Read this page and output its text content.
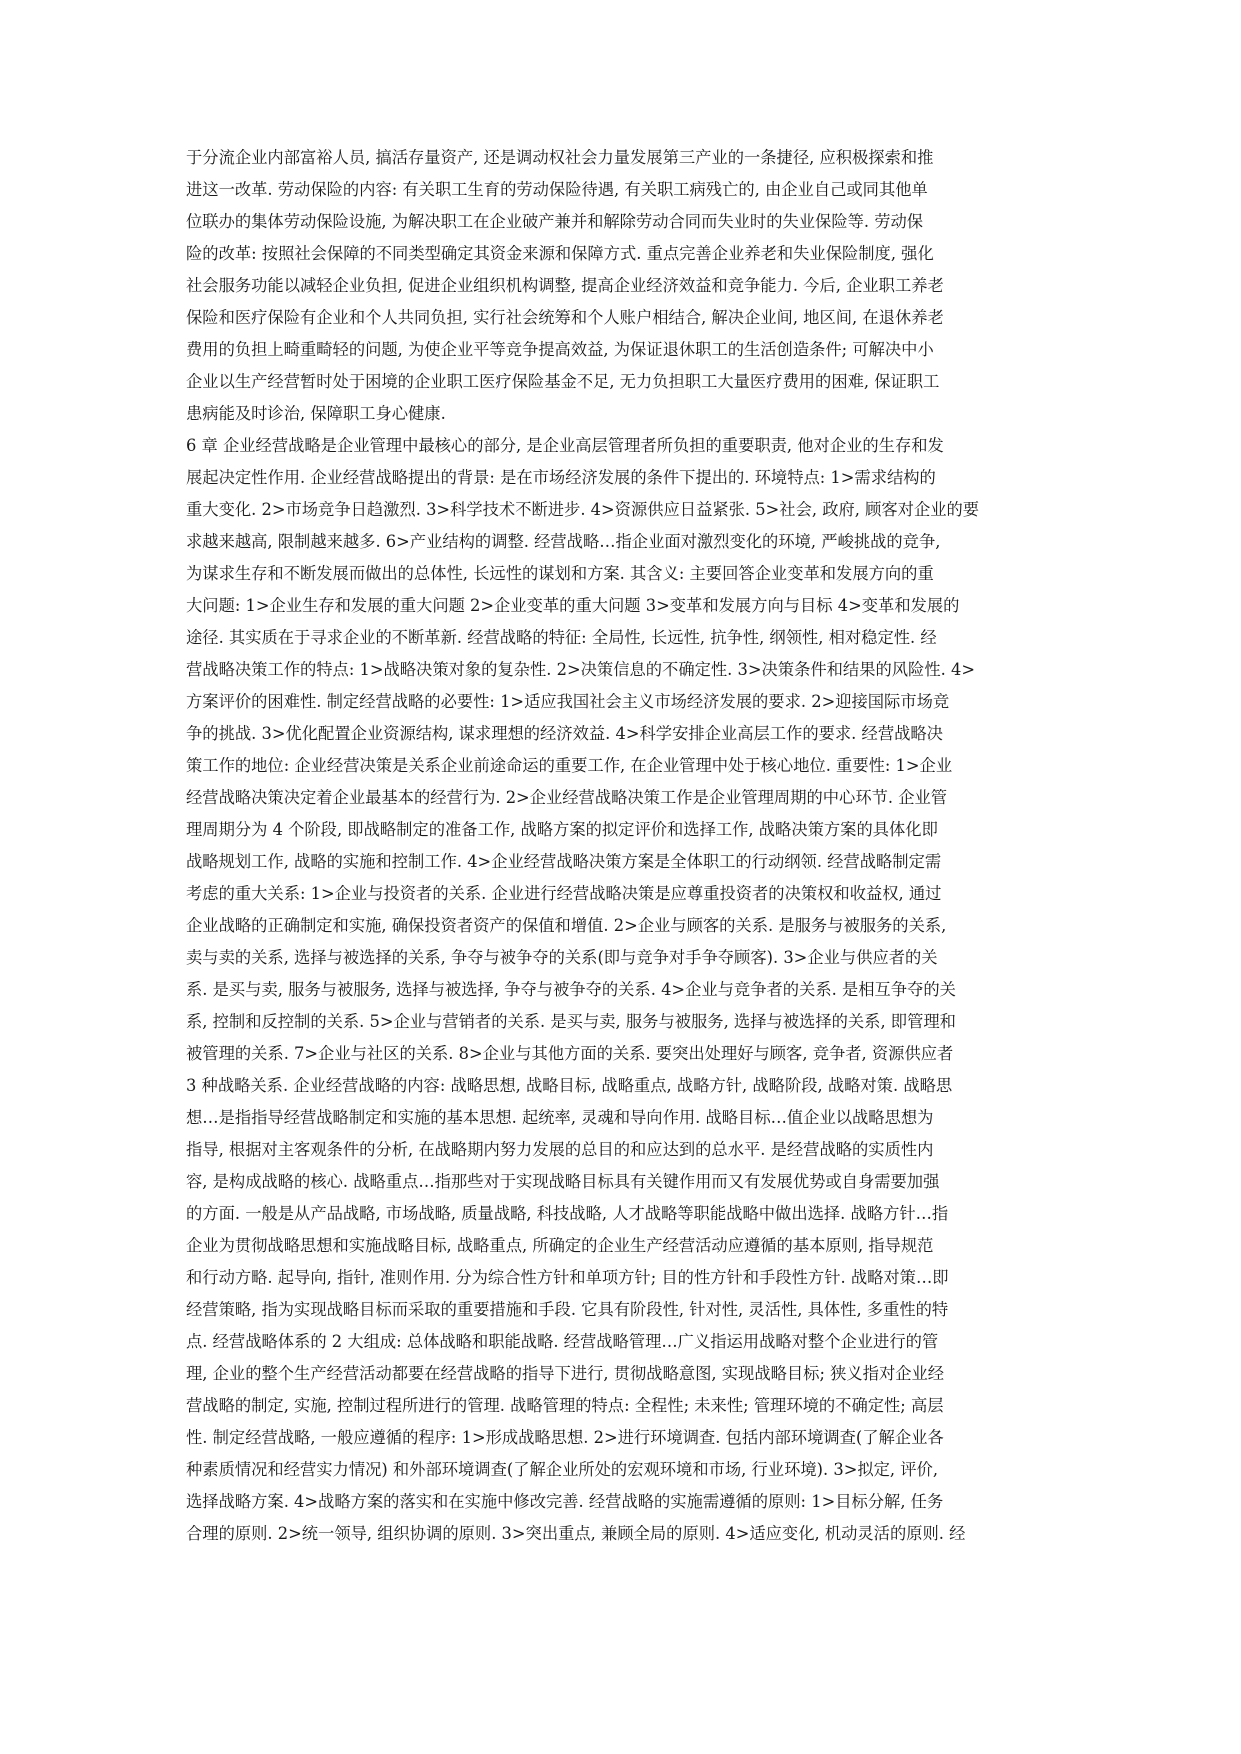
于分流企业内部富裕人员, 搞活存量资产, 还是调动权社会力量发展第三产业的一条捷径, 应积极探索和推
进这一改革. 劳动保险的内容: 有关职工生育的劳动保险待遇, 有关职工病残亡的, 由企业自己或同其他单
位联办的集体劳动保险设施, 为解决职工在企业破产兼并和解除劳动合同而失业时的失业保险等. 劳动保
险的改革: 按照社会保障的不同类型确定其资金来源和保障方式. 重点完善企业养老和失业保险制度, 强化
社会服务功能以减轻企业负担, 促进企业组织机构调整, 提高企业经济效益和竞争能力. 今后, 企业职工养老
保险和医疗保险有企业和个人共同负担, 实行社会统筹和个人账户相结合, 解决企业间, 地区间, 在退休养老
费用的负担上畸重畸轻的问题, 为使企业平等竞争提高效益, 为保证退休职工的生活创造条件; 可解决中小
企业以生产经营暂时处于困境的企业职工医疗保险基金不足, 无力负担职工大量医疗费用的困难, 保证职工
患病能及时诊治, 保障职工身心健康.
6 章 企业经营战略是企业管理中最核心的部分, 是企业高层管理者所负担的重要职责, 他对企业的生存和发
展起决定性作用. 企业经营战略提出的背景: 是在市场经济发展的条件下提出的. 环境特点: 1>需求结构的
重大变化. 2>市场竞争日趋激烈. 3>科学技术不断进步. 4>资源供应日益紧张. 5>社会, 政府, 顾客对企业的要
求越来越高, 限制越来越多. 6>产业结构的调整. 经营战略…指企业面对激烈变化的环境, 严峻挑战的竞争,
为谋求生存和不断发展而做出的总体性, 长远性的谋划和方案. 其含义: 主要回答企业变革和发展方向的重
大问题: 1>企业生存和发展的重大问题 2>企业变革的重大问题 3>变革和发展方向与目标 4>变革和发展的
途径. 其实质在于寻求企业的不断革新. 经营战略的特征: 全局性, 长远性, 抗争性, 纲领性, 相对稳定性. 经
营战略决策工作的特点: 1>战略决策对象的复杂性. 2>决策信息的不确定性. 3>决策条件和结果的风险性. 4>
方案评价的困难性. 制定经营战略的必要性: 1>适应我国社会主义市场经济发展的要求. 2>迎接国际市场竞
争的挑战. 3>优化配置企业资源结构, 谋求理想的经济效益. 4>科学安排企业高层工作的要求. 经营战略决
策工作的地位: 企业经营决策是关系企业前途命运的重要工作, 在企业管理中处于核心地位. 重要性: 1>企业
经营战略决策决定着企业最基本的经营行为. 2>企业经营战略决策工作是企业管理周期的中心环节. 企业管
理周期分为 4 个阶段, 即战略制定的准备工作, 战略方案的拟定评价和选择工作, 战略决策方案的具体化即
战略规划工作, 战略的实施和控制工作. 4>企业经营战略决策方案是全体职工的行动纲领. 经营战略制定需
考虑的重大关系: 1>企业与投资者的关系. 企业进行经营战略决策是应尊重投资者的决策权和收益权, 通过
企业战略的正确制定和实施, 确保投资者资产的保值和增值. 2>企业与顾客的关系. 是服务与被服务的关系,
卖与卖的关系, 选择与被选择的关系, 争夺与被争夺的关系(即与竞争对手争夺顾客). 3>企业与供应者的关
系. 是买与卖, 服务与被服务, 选择与被选择, 争夺与被争夺的关系. 4>企业与竞争者的关系. 是相互争夺的关
系, 控制和反控制的关系. 5>企业与营销者的关系. 是买与卖, 服务与被服务, 选择与被选择的关系, 即管理和
被管理的关系. 7>企业与社区的关系. 8>企业与其他方面的关系. 要突出处理好与顾客, 竞争者, 资源供应者
3 种战略关系. 企业经营战略的内容: 战略思想, 战略目标, 战略重点, 战略方针, 战略阶段, 战略对策. 战略思
想…是指指导经营战略制定和实施的基本思想. 起统率, 灵魂和导向作用. 战略目标…值企业以战略思想为
指导, 根据对主客观条件的分析, 在战略期内努力发展的总目的和应达到的总水平. 是经营战略的实质性内
容, 是构成战略的核心. 战略重点…指那些对于实现战略目标具有关键作用而又有发展优势或自身需要加强
的方面. 一般是从产品战略, 市场战略, 质量战略, 科技战略, 人才战略等职能战略中做出选择. 战略方针…指
企业为贯彻战略思想和实施战略目标, 战略重点, 所确定的企业生产经营活动应遵循的基本原则, 指导规范
和行动方略. 起导向, 指针, 准则作用. 分为综合性方针和单项方针; 目的性方针和手段性方针. 战略对策…即
经营策略, 指为实现战略目标而采取的重要措施和手段. 它具有阶段性, 针对性, 灵活性, 具体性, 多重性的特
点. 经营战略体系的 2 大组成: 总体战略和职能战略. 经营战略管理…广义指运用战略对整个企业进行的管
理, 企业的整个生产经营活动都要在经营战略的指导下进行, 贯彻战略意图, 实现战略目标; 狭义指对企业经
营战略的制定, 实施, 控制过程所进行的管理. 战略管理的特点: 全程性; 未来性; 管理环境的不确定性; 高层
性. 制定经营战略, 一般应遵循的程序: 1>形成战略思想. 2>进行环境调查. 包括内部环境调查(了解企业各
种素质情况和经营实力情况) 和外部环境调查(了解企业所处的宏观环境和市场, 行业环境). 3>拟定, 评价,
选择战略方案. 4>战略方案的落实和在实施中修改完善. 经营战略的实施需遵循的原则: 1>目标分解, 任务
合理的原则. 2>统一领导, 组织协调的原则. 3>突出重点, 兼顾全局的原则. 4>适应变化, 机动灵活的原则. 经
